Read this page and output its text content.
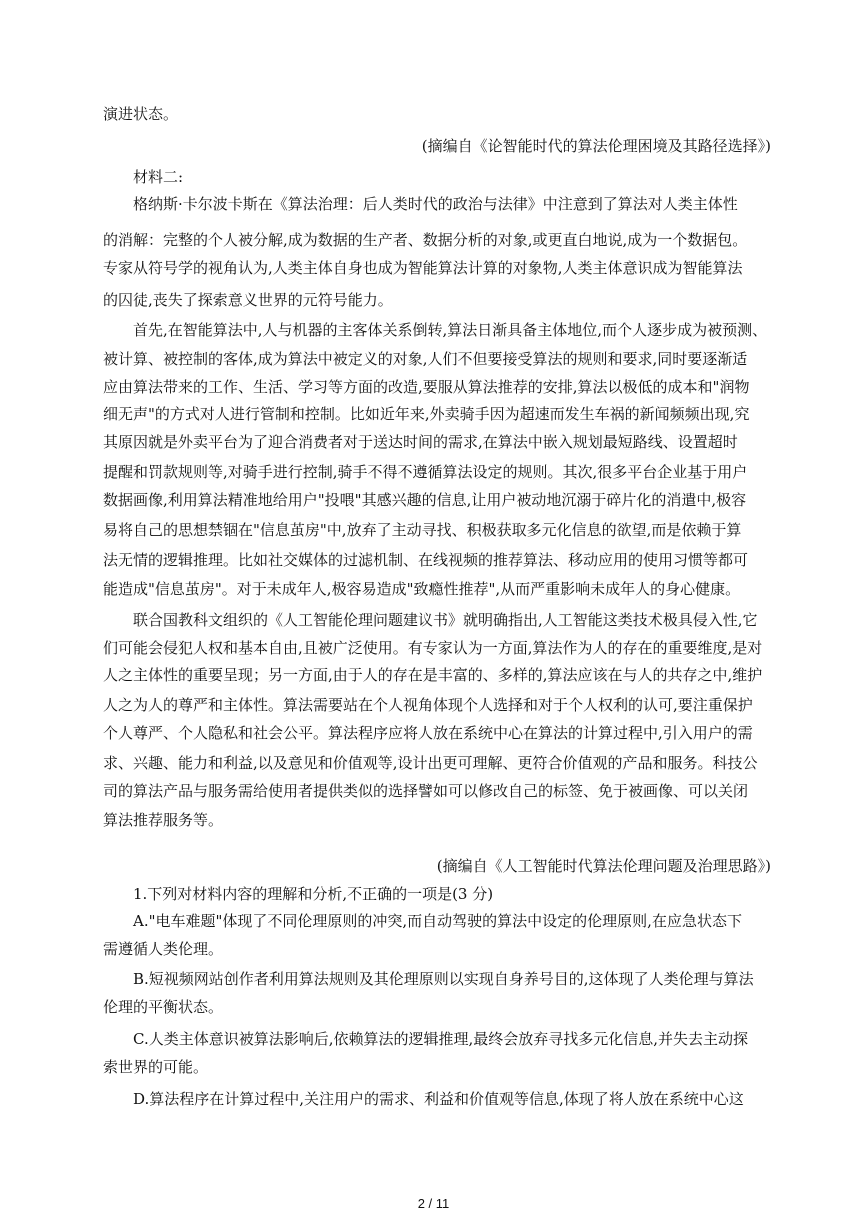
演进状态。
(摘编自《论智能时代的算法伦理困境及其路径选择》)
材料二:
格纳斯·卡尔波卡斯在《算法治理：后人类时代的政治与法律》中注意到了算法对人类主体性
的消解：完整的个人被分解,成为数据的生产者、数据分析的对象,或更直白地说,成为一个数据包。
专家从符号学的视角认为,人类主体自身也成为智能算法计算的对象物,人类主体意识成为智能算法
的囚徒,丧失了探索意义世界的元符号能力。
首先,在智能算法中,人与机器的主客体关系倒转,算法日渐具备主体地位,而个人逐步成为被预测、
被计算、被控制的客体,成为算法中被定义的对象,人们不但要接受算法的规则和要求,同时要逐渐适
应由算法带来的工作、生活、学习等方面的改造,要服从算法推荐的安排,算法以极低的成本和"润物
细无声"的方式对人进行管制和控制。比如近年来,外卖骑手因为超速而发生车祸的新闻频频出现,究
其原因就是外卖平台为了迎合消费者对于送达时间的需求,在算法中嵌入规划最短路线、设置超时
提醒和罚款规则等,对骑手进行控制,骑手不得不遵循算法设定的规则。其次,很多平台企业基于用户
数据画像,利用算法精准地给用户"投喂"其感兴趣的信息,让用户被动地沉溺于碎片化的消遣中,极容
易将自己的思想禁锢在"信息茧房"中,放弃了主动寻找、积极获取多元化信息的欲望,而是依赖于算
法无情的逻辑推理。比如社交媒体的过滤机制、在线视频的推荐算法、移动应用的使用习惯等都可
能造成"信息茧房"。对于未成年人,极容易造成"致瘾性推荐",从而严重影响未成年人的身心健康。
联合国教科文组织的《人工智能伦理问题建议书》就明确指出,人工智能这类技术极具侵入性,它
们可能会侵犯人权和基本自由,且被广泛使用。有专家认为一方面,算法作为人的存在的重要维度,是对
人之主体性的重要呈现；另一方面,由于人的存在是丰富的、多样的,算法应该在与人的共存之中,维护
人之为人的尊严和主体性。算法需要站在个人视角体现个人选择和对于个人权利的认可,要注重保护
个人尊严、个人隐私和社会公平。算法程序应将人放在系统中心在算法的计算过程中,引入用户的需
求、兴趣、能力和利益,以及意见和价值观等,设计出更可理解、更符合价值观的产品和服务。科技公
司的算法产品与服务需给使用者提供类似的选择譬如可以修改自己的标签、免于被画像、可以关闭
算法推荐服务等。
(摘编自《人工智能时代算法伦理问题及治理思路》)
1.下列对材料内容的理解和分析,不正确的一项是(3 分)
A."电车难题"体现了不同伦理原则的冲突,而自动驾驶的算法中设定的伦理原则,在应急状态下
需遵循人类伦理。
B.短视频网站创作者利用算法规则及其伦理原则以实现自身养号目的,这体现了人类伦理与算法
伦理的平衡状态。
C.人类主体意识被算法影响后,依赖算法的逻辑推理,最终会放弃寻找多元化信息,并失去主动探
索世界的可能。
D.算法程序在计算过程中,关注用户的需求、利益和价值观等信息,体现了将人放在系统中心这
2 / 11
